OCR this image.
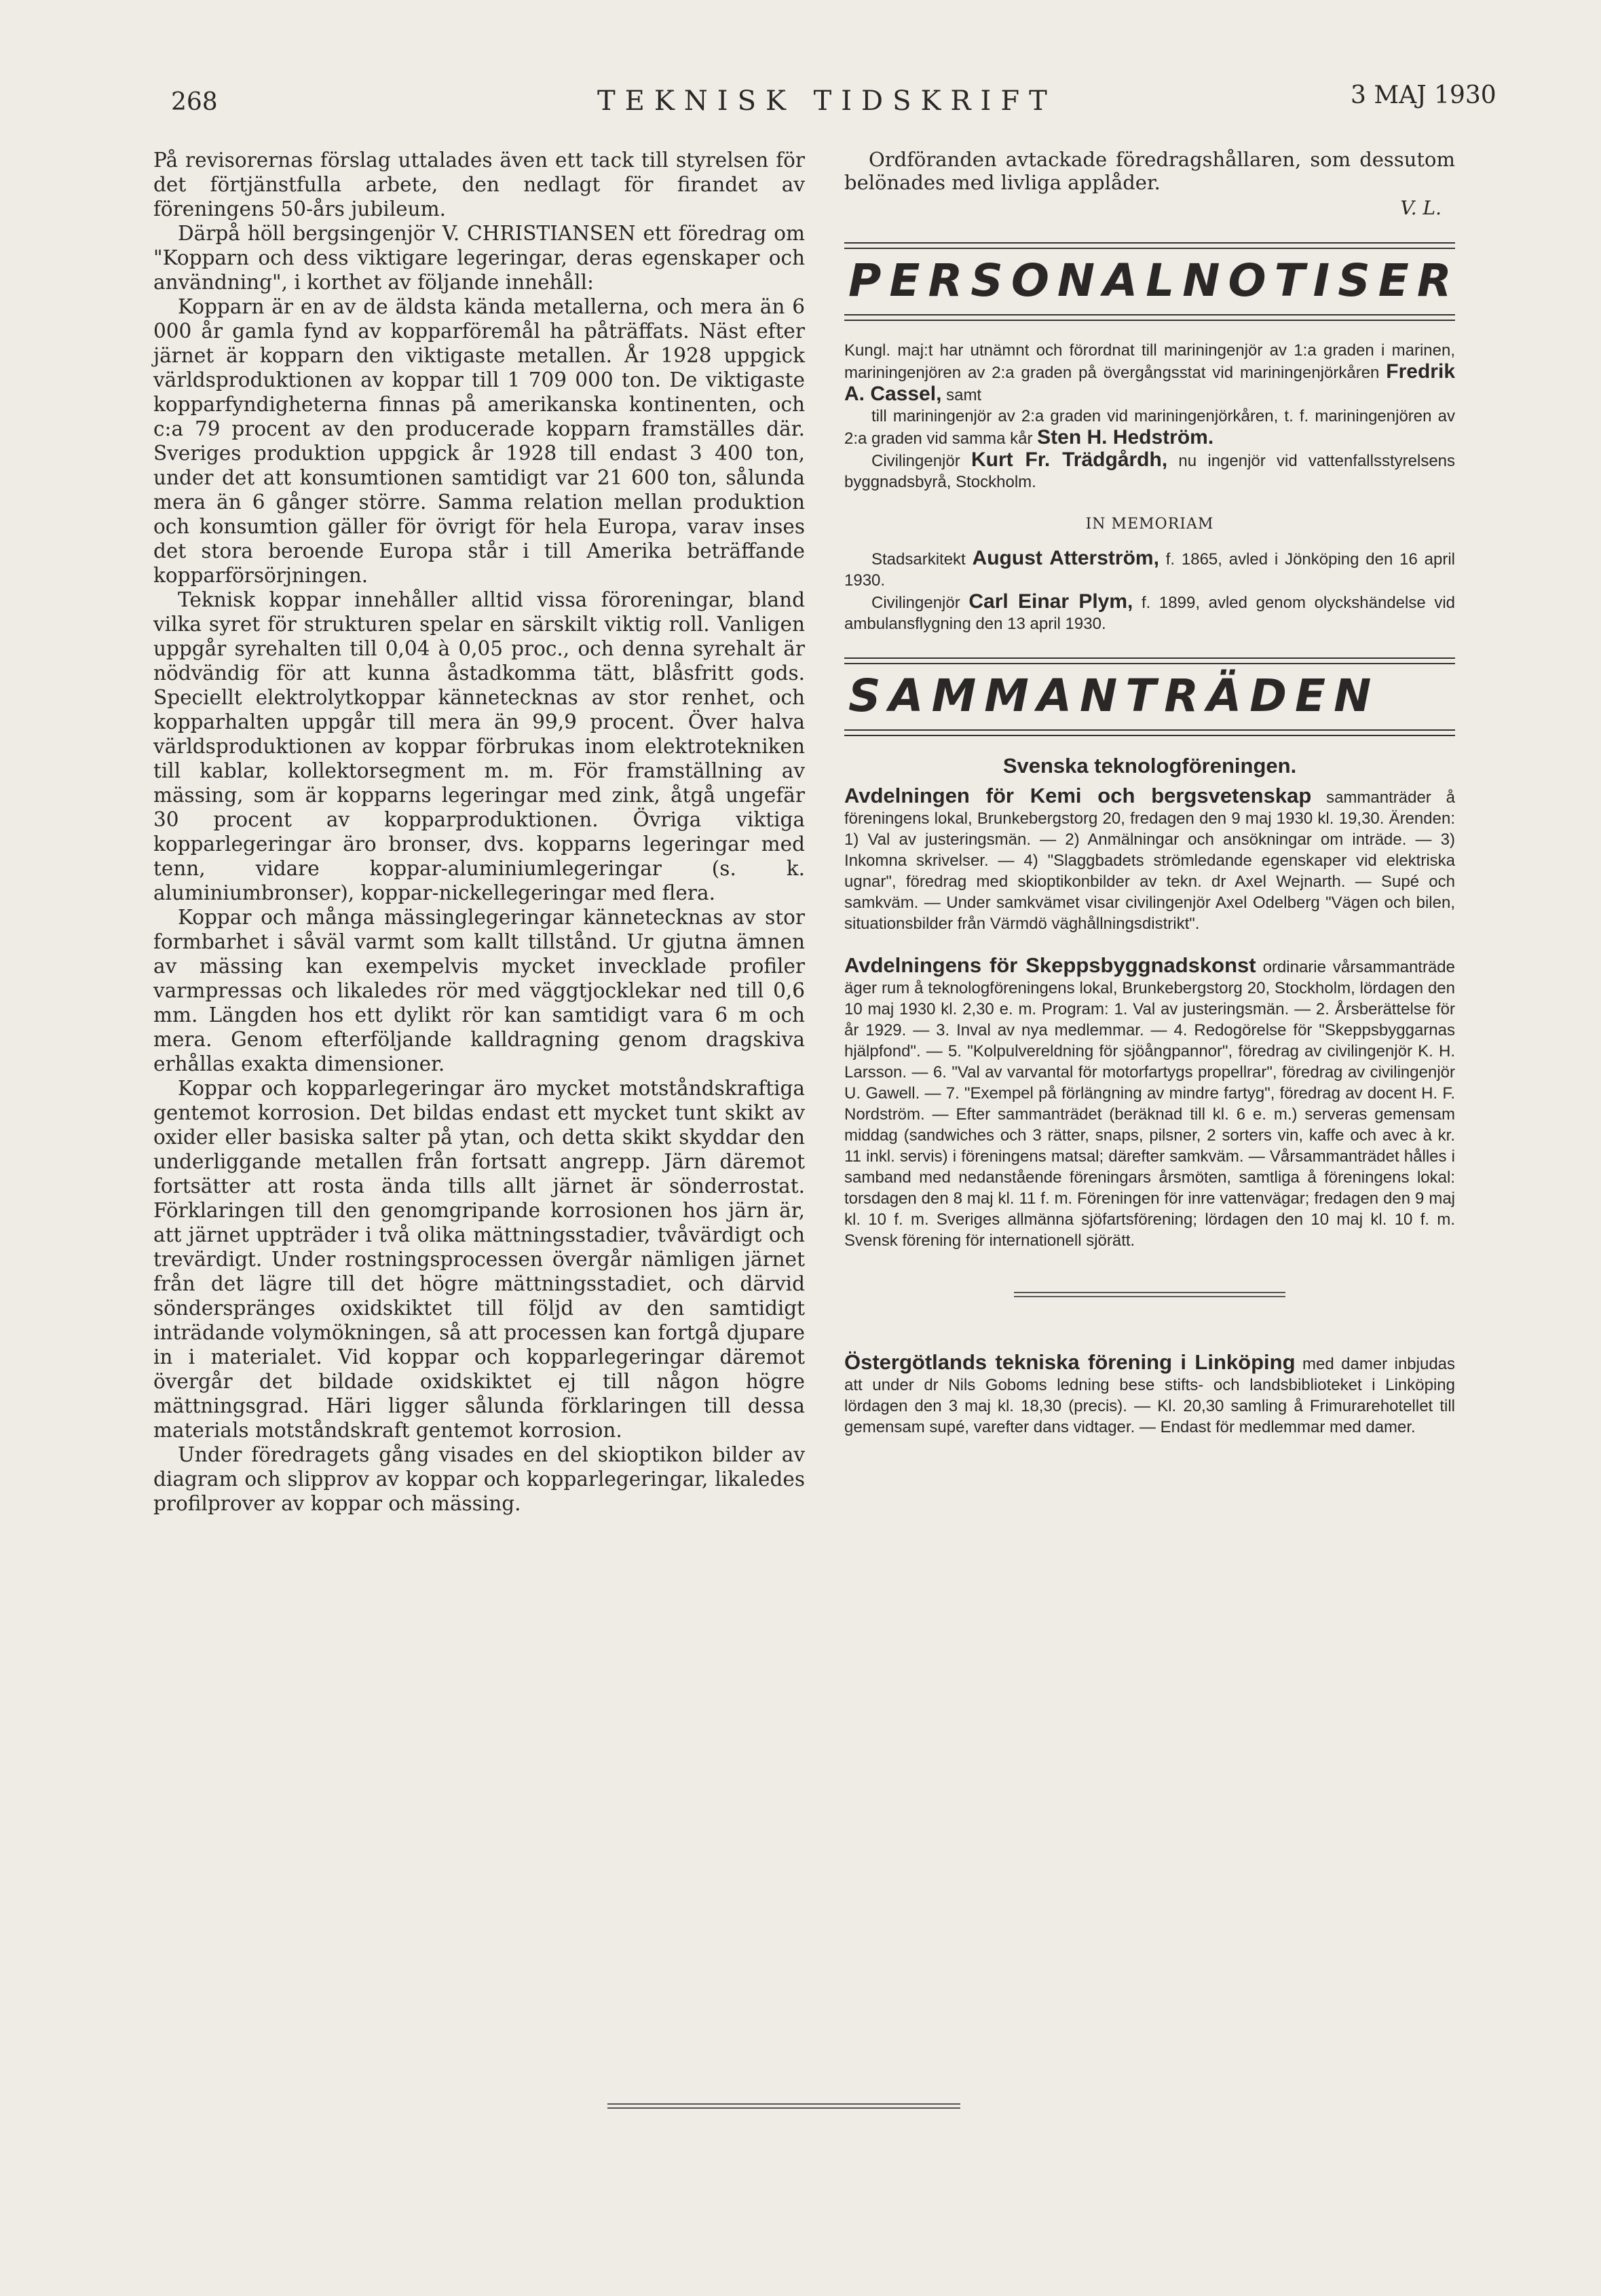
268	TEKNISK TIDSKRIFT	3 MAJ 1930

På revisorernas förslag uttalades även ett tack till styrelsen för det förtjänstfulla arbete, den nedlagt för firandet av föreningens 50-års jubileum.

Därpå höll bergsingenjör V. CHRISTIANSEN ett föredrag om "Kopparn och dess viktigare legeringar, deras egenskaper och användning", i korthet av följande innehåll:

Kopparn är en av de äldsta kända metallerna, och mera än 6 000 år gamla fynd av kopparföremål ha påträffats. Näst efter järnet är kopparn den viktigaste metallen. År 1928 uppgick världsproduktionen av koppar till 1 709 000 ton. De viktigaste kopparfyndigheterna finnas på amerikanska kontinenten, och c:a 79 procent av den producerade kopparn framställes där. Sveriges produktion uppgick år 1928 till endast 3 400 ton, under det att konsumtionen samtidigt var 21 600 ton, sålunda mera än 6 gånger större. Samma relation mellan produktion och konsumtion gäller för övrigt för hela Europa, varav inses det stora beroende Europa står i till Amerika beträffande kopparförsörjningen.

Teknisk koppar innehåller alltid vissa föroreningar, bland vilka syret för strukturen spelar en särskilt viktig roll. Vanligen uppgår syrehalten till 0,04 à 0,05 proc., och denna syrehalt är nödvändig för att kunna åstadkomma tätt, blåsfritt gods. Speciellt elektrolytkoppar kännetecknas av stor renhet, och kopparhalten uppgår till mera än 99,9 procent. Över halva världsproduktionen av koppar förbrukas inom elektrotekniken till kablar, kollektorsegment m. m. För framställning av mässing, som är kopparns legeringar med zink, åtgå ungefär 30 procent av kopparproduktionen. Övriga viktiga kopparlegeringar äro bronser, dvs. kopparns legeringar med tenn, vidare koppar-aluminiumlegeringar (s. k. aluminiumbronser), koppar-nickellegeringar med flera.

Koppar och många mässinglegeringar kännetecknas av stor formbarhet i såväl varmt som kallt tillstånd. Ur gjutna ämnen av mässing kan exempelvis mycket invecklade profiler varmpressas och likaledes rör med väggtjocklekar ned till 0,6 mm. Längden hos ett dylikt rör kan samtidigt vara 6 m och mera. Genom efterföljande kalldragning genom dragskiva erhållas exakta dimensioner.

Koppar och kopparlegeringar äro mycket motståndskraftiga gentemot korrosion. Det bildas endast ett mycket tunt skikt av oxider eller basiska salter på ytan, och detta skikt skyddar den underliggande metallen från fortsatt angrepp. Järn däremot fortsätter att rosta ända tills allt järnet är sönderrostat. Förklaringen till den genomgripande korrosionen hos järn är, att järnet uppträder i två olika mättningsstadier, tvåvärdigt och trevärdigt. Under rostningsprocessen övergår nämligen järnet från det lägre till det högre mättningsstadiet, och därvid sönderspränges oxidskiktet till följd av den samtidigt inträdande volymökningen, så att processen kan fortgå djupare in i materialet. Vid koppar och kopparlegeringar däremot övergår det bildade oxidskiktet ej till någon högre mättningsgrad. Häri ligger sålunda förklaringen till dessa materials motståndskraft gentemot korrosion.

Under föredragets gång visades en del skioptikon bilder av diagram och slipprov av koppar och kopparlegeringar, likaledes profilprover av koppar och mässing.

Ordföranden avtackade föredragshållaren, som dessutom belönades med livliga applåder.

V. L.
PERSONALNOTISER

Kungl. maj:t har utnämnt och förordnat till mariningenjör av 1:a graden i marinen, mariningenjören av 2:a graden på övergångsstat vid mariningenjörkåren Fredrik A. Cassel, samt

till mariningenjör av 2:a graden vid mariningenjörkåren, t. f. mariningenjören av 2:a graden vid samma kår Sten H. Hedström.

Civilingenjör Kurt Fr. Trädgårdh, nu ingenjör vid vattenfallsstyrelsens byggnadsbyrå, Stockholm.

IN MEMORIAM

Stadsarkitekt August Atterström, f. 1865, avled i Jönköping den 16 april 1930.

Civilingenjör Carl Einar Plym, f. 1899, avled genom olyckshändelse vid ambulansflygning den 13 april 1930.

SAMMANTRÄDEN
Svenska teknologföreningen.

Avdelningen för Kemi och bergsvetenskap sammanträder å föreningens lokal, Brunkebergstorg 20, fredagen den 9 maj 1930 kl. 19,30. Ärenden: 1) Val av justeringsmän. — 2) Anmälningar och ansökningar om inträde. — 3) Inkomna skrivelser. — 4) "Slaggbadets strömledande egenskaper vid elektriska ugnar", föredrag med skioptikonbilder av tekn. dr Axel Wejnarth. — Supé och samkväm. — Under samkvämet visar civilingenjör Axel Odelberg "Vägen och bilen, situationsbilder från Värmdö väghållningsdistrikt".

Avdelningens för Skeppsbyggnadskonst ordinarie vårsammanträde äger rum å teknologföreningens lokal, Brunkebergstorg 20, Stockholm, lördagen den 10 maj 1930 kl. 2,30 e. m. Program: 1. Val av justeringsmän. — 2. Årsberättelse för år 1929. — 3. Inval av nya medlemmar. — 4. Redogörelse för "Skeppsbyggarnas hjälpfond". — 5. "Kolpulvereldning för sjöångpannor", föredrag av civilingenjör K. H. Larsson. — 6. "Val av varvantal för motorfartygs propellrar", föredrag av civilingenjör U. Gawell. — 7. "Exempel på förlängning av mindre fartyg", föredrag av docent H. F. Nordström. — Efter sammanträdet (beräknad till kl. 6 e. m.) serveras gemensam middag (sandwiches och 3 rätter, snaps, pilsner, 2 sorters vin, kaffe och avec à kr. 11 inkl. servis) i föreningens matsal; därefter samkväm. — Vårsammanträdet hålles i samband med nedanstående föreningars årsmöten, samtliga å föreningens lokal: torsdagen den 8 maj kl. 11 f. m. Föreningen för inre vattenvägar; fredagen den 9 maj kl. 10 f. m. Sveriges allmänna sjöfartsförening; lördagen den 10 maj kl. 10 f. m. Svensk förening för internationell sjörätt.

Östergötlands tekniska förening i Linköping med damer inbjudas att under dr Nils Goboms ledning bese stifts- och landsbiblioteket i Linköping lördagen den 3 maj kl. 18,30 (precis). — Kl. 20,30 samling å Frimurarehotellet till gemensam supé, varefter dans vidtager. — Endast för medlemmar med damer.
